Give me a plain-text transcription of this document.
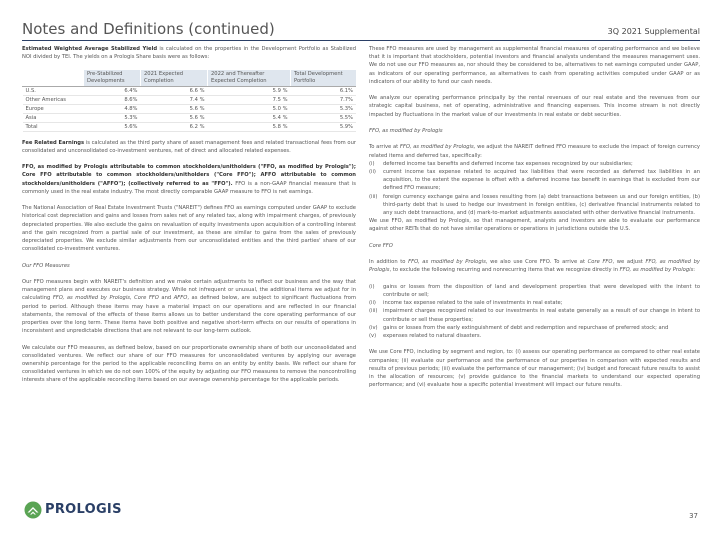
Notes and Definitions (continued)	3Q 2021 Supplemental

Estimated Weighted Average Stabilized Yield is calculated on the properties in the Development Portfolio as Stabilized NOI divided by TEI. The yields on a Prologis Share basis were as follows:

	Pre-Stabilized Developments	2021 Expected Completion	2022 and Thereafter Expected Completion	Total Development Portfolio
U.S.	6.4%	6.6 %	5.9 %	6.1%
Other Americas	8.6%	7.4 %	7.5 %	7.7%
Europe	4.8%	5.6 %	5.0 %	5.3%
Asia	5.3%	5.6 %	5.4 %	5.5%
Total	5.6%	6.2 %	5.8 %	5.9%

Fee Related Earnings is calculated as the third party share of asset management fees and related transactional fees from our consolidated and unconsolidated co-investment ventures, net of direct and allocated related expenses.

FFO, as modified by Prologis attributable to common stockholders/unitholders ("FFO, as modified by Prologis"); Core FFO attributable to common stockholders/unitholders ("Core FFO"); AFFO attributable to common stockholders/unitholders ("AFFO"); (collectively referred to as "FFO"). FFO is a non-GAAP financial measure that is commonly used in the real estate industry. The most directly comparable GAAP measure to FFO is net earnings.

The National Association of Real Estate Investment Trusts ("NAREIT") defines FFO as earnings computed under GAAP to exclude historical cost depreciation and gains and losses from sales net of any related tax, along with impairment charges, of previously depreciated properties. We also exclude the gains on revaluation of equity investments upon acquisition of a controlling interest and the gain recognized from a partial sale of our investment, as these are similar to gains from the sales of previously depreciated properties. We exclude similar adjustments from our unconsolidated entities and the third parties' share of our consolidated co-investment ventures.

Our FFO Measures

Our FFO measures begin with NAREIT's definition and we make certain adjustments to reflect our business and the way that management plans and executes our business strategy. While not infrequent or unusual, the additional items we adjust for in calculating FFO, as modified by Prologis, Core FFO and AFFO, as defined below, are subject to significant fluctuations from period to period. Although these items may have a material impact on our operations and are reflected in our financial statements, the removal of the effects of these items allows us to better understand the core operating performance of our properties over the long term. These items have both positive and negative short-term effects on our results of operations in inconsistent and unpredictable directions that are not relevant to our long-term outlook.

We calculate our FFO measures, as defined below, based on our proportionate ownership share of both our unconsolidated and consolidated ventures. We reflect our share of our FFO measures for unconsolidated ventures by applying our average ownership percentage for the period to the applicable reconciling items on an entity by entity basis. We reflect our share for consolidated ventures in which we do not own 100% of the equity by adjusting our FFO measures to remove the noncontrolling interests share of the applicable reconciling items based on our average ownership percentage for the applicable periods.

These FFO measures are used by management as supplemental financial measures of operating performance and we believe that it is important that stockholders, potential investors and financial analysts understand the measures management uses. We do not use our FFO measures as, nor should they be considered to be, alternatives to net earnings computed under GAAP, as indicators of our operating performance, as alternatives to cash from operating activities computed under GAAP or as indicators of our ability to fund our cash needs.

We analyze our operating performance principally by the rental revenues of our real estate and the revenues from our strategic capital business, net of operating, administrative and financing expenses. This income stream is not directly impacted by fluctuations in the market value of our investments in real estate or debt securities.

FFO, as modified by Prologis

To arrive at FFO, as modified by Prologis, we adjust the NAREIT defined FFO measure to exclude the impact of foreign currency related items and deferred tax, specifically:

(i) deferred income tax benefits and deferred income tax expenses recognized by our subsidiaries;
(ii) current income tax expense related to acquired tax liabilities that were recorded as deferred tax liabilities in an acquisition, to the extent the expense is offset with a deferred income tax benefit in earnings that is excluded from our defined FFO measure;
(iii) foreign currency exchange gains and losses resulting from (a) debt transactions between us and our foreign entities, (b) third-party debt that is used to hedge our investment in foreign entities, (c) derivative financial instruments related to any such debt transactions, and (d) mark-to-market adjustments associated with other derivative financial instruments.

We use FFO, as modified by Prologis, so that management, analysts and investors are able to evaluate our performance against other REITs that do not have similar operations or operations in jurisdictions outside the U.S.

Core FFO

In addition to FFO, as modified by Prologis, we also use Core FFO. To arrive at Core FFO, we adjust FFO, as modified by Prologis, to exclude the following recurring and nonrecurring items that we recognize directly in FFO, as modified by Prologis:

(i) gains or losses from the disposition of land and development properties that were developed with the intent to contribute or sell;
(ii) income tax expense related to the sale of investments in real estate;
(iii) impairment charges recognized related to our investments in real estate generally as a result of our change in intent to contribute or sell these properties;
(iv) gains or losses from the early extinguishment of debt and redemption and repurchase of preferred stock; and
(v) expenses related to natural disasters.

We use Core FFO, including by segment and region, to: (i) assess our operating performance as compared to other real estate companies; (ii) evaluate our performance and the performance of our properties in comparison with expected results and results of previous periods; (iii) evaluate the performance of our management; (iv) budget and forecast future results to assist in the allocation of resources; (v) provide guidance to the financial markets to understand our expected operating performance; and (vi) evaluate how a specific potential investment will impact our future results.

PROLOGIS	37
